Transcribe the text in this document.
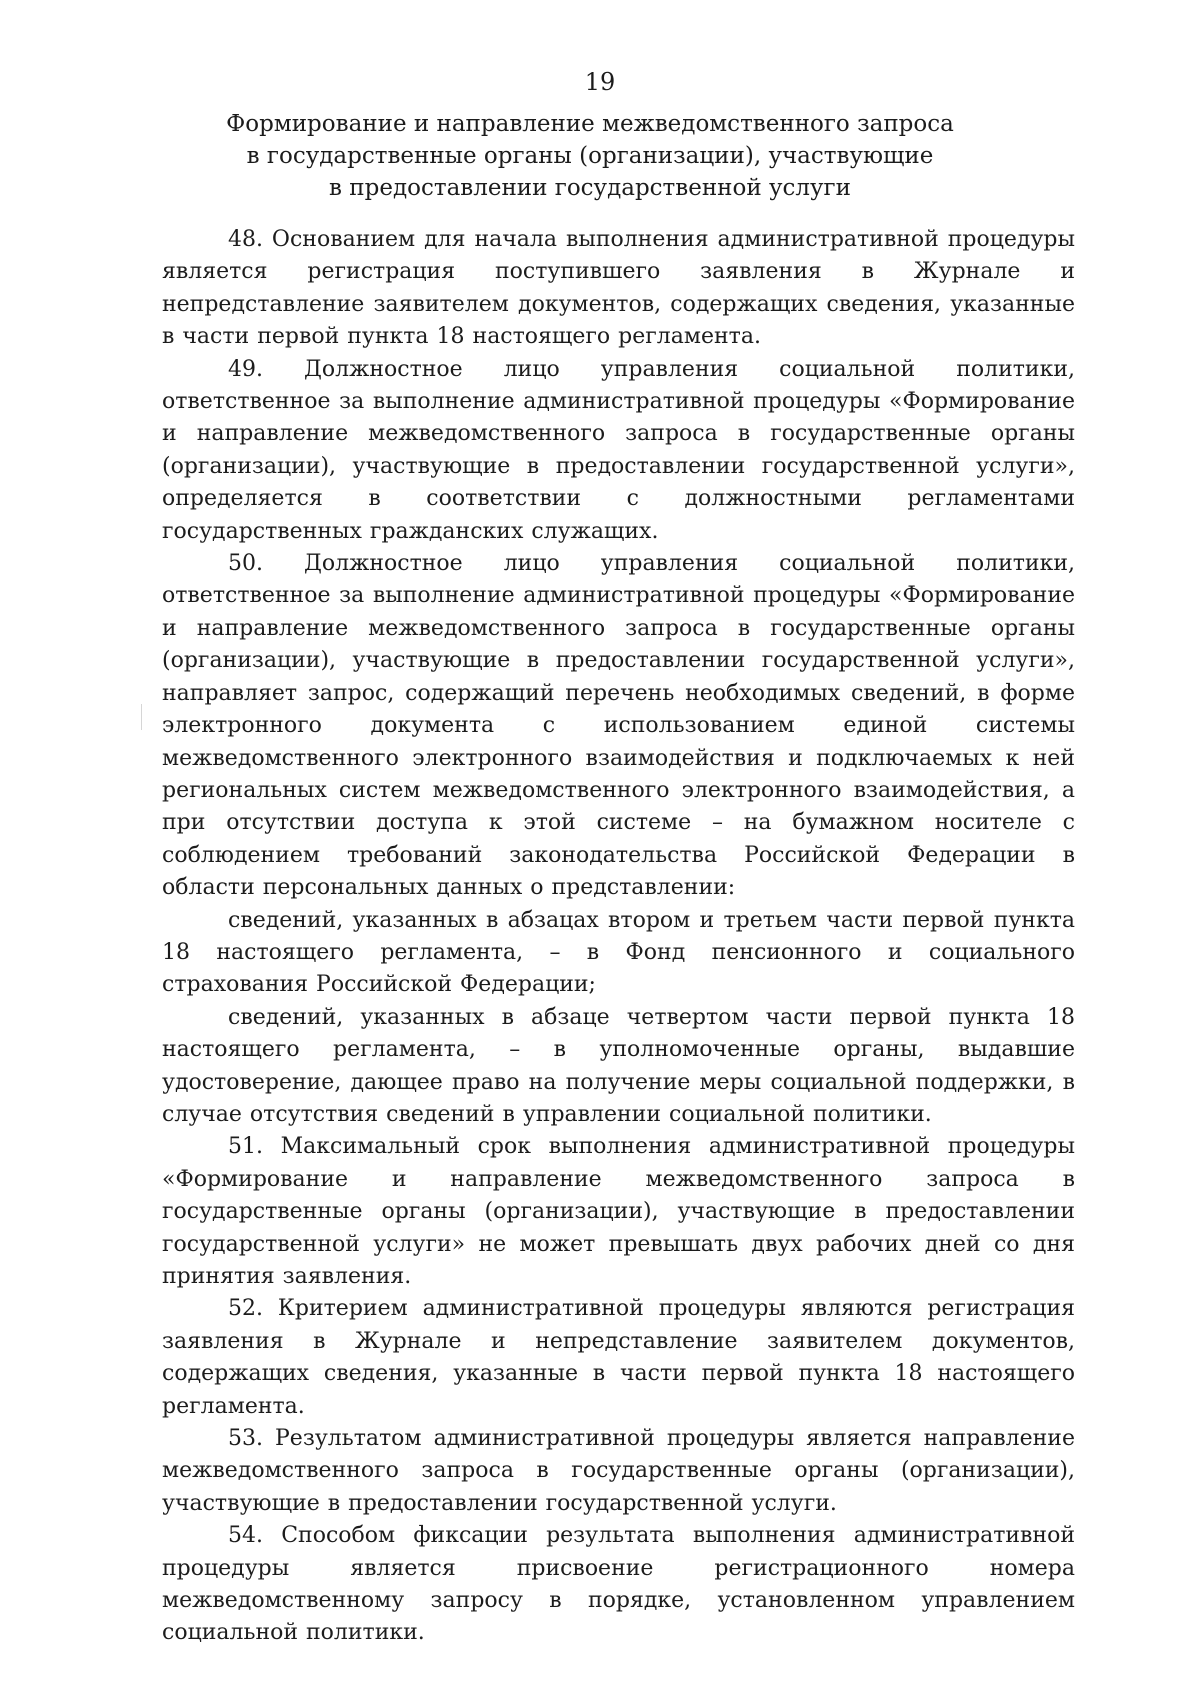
19
Формирование и направление межведомственного запроса
в государственные органы (организации), участвующие
в предоставлении государственной услуги

48. Основанием для начала выполнения административной процедуры является регистрация поступившего заявления в Журнале и непредставление заявителем документов, содержащих сведения, указанные в части первой пункта 18 настоящего регламента.

49. Должностное лицо управления социальной политики, ответственное за выполнение административной процедуры «Формирование и направление межведомственного запроса в государственные органы (организации), участвующие в предоставлении государственной услуги», определяется в соответствии с должностными регламентами государственных гражданских служащих.

50. Должностное лицо управления социальной политики, ответственное за выполнение административной процедуры «Формирование и направление межведомственного запроса в государственные органы (организации), участвующие в предоставлении государственной услуги», направляет запрос, содержащий перечень необходимых сведений, в форме электронного документа с использованием единой системы межведомственного электронного взаимодействия и подключаемых к ней региональных систем межведомственного электронного взаимодействия, а при отсутствии доступа к этой системе – на бумажном носителе с соблюдением требований законодательства Российской Федерации в области персональных данных о представлении:

сведений, указанных в абзацах втором и третьем части первой пункта 18 настоящего регламента, – в Фонд пенсионного и социального страхования Российской Федерации;

сведений, указанных в абзаце четвертом части первой пункта 18 настоящего регламента, – в уполномоченные органы, выдавшие удостоверение, дающее право на получение меры социальной поддержки, в случае отсутствия сведений в управлении социальной политики.

51. Максимальный срок выполнения административной процедуры «Формирование и направление межведомственного запроса в государственные органы (организации), участвующие в предоставлении государственной услуги» не может превышать двух рабочих дней со дня принятия заявления.

52. Критерием административной процедуры являются регистрация заявления в Журнале и непредставление заявителем документов, содержащих сведения, указанные в части первой пункта 18 настоящего регламента.

53. Результатом административной процедуры является направление межведомственного запроса в государственные органы (организации), участвующие в предоставлении государственной услуги.

54. Способом фиксации результата выполнения административной процедуры является присвоение регистрационного номера межведомственному запросу в порядке, установленном управлением социальной политики.
